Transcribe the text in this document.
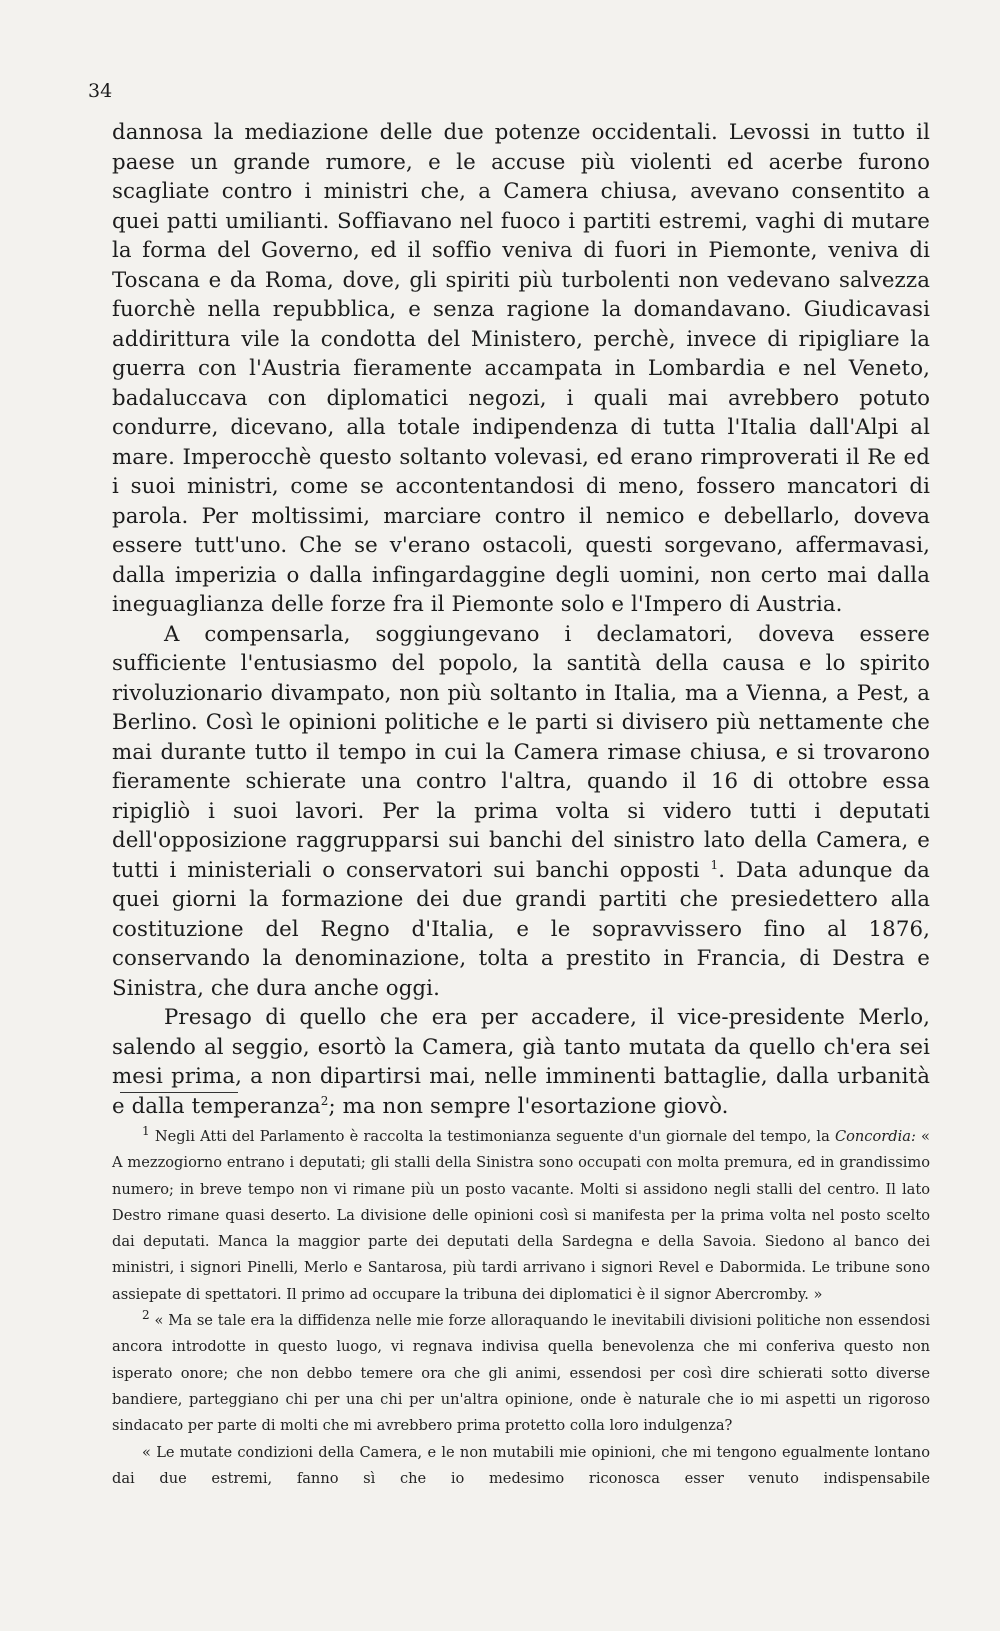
34

dannosa la mediazione delle due potenze occidentali. Levossi in tutto il paese un grande rumore, e le accuse più violenti ed acerbe furono scagliate contro i ministri che, a Camera chiusa, avevano consentito a quei patti umilianti. Soffiavano nel fuoco i partiti estremi, vaghi di mutare la forma del Governo, ed il soffio veniva di fuori in Piemonte, veniva di Toscana e da Roma, dove, gli spiriti più turbolenti non vedevano salvezza fuorchè nella repubblica, e senza ragione la domandavano. Giudicavasi addirittura vile la condotta del Ministero, perchè, invece di ripigliare la guerra con l'Austria fieramente accampata in Lombardia e nel Veneto, badaluccava con diplomatici negozi, i quali mai avrebbero potuto condurre, dicevano, alla totale indipendenza di tutta l'Italia dall'Alpi al mare. Imperocchè questo soltanto volevasi, ed erano rimproverati il Re ed i suoi ministri, come se accontentandosi di meno, fossero mancatori di parola. Per moltissimi, marciare contro il nemico e debellarlo, doveva essere tutt'uno. Che se v'erano ostacoli, questi sorgevano, affermavasi, dalla imperizia o dalla infingardaggine degli uomini, non certo mai dalla ineguaglianza delle forze fra il Piemonte solo e l'Impero di Austria.

A compensarla, soggiungevano i declamatori, doveva essere sufficiente l'entusiasmo del popolo, la santità della causa e lo spirito rivoluzionario divampato, non più soltanto in Italia, ma a Vienna, a Pest, a Berlino. Così le opinioni politiche e le parti si divisero più nettamente che mai durante tutto il tempo in cui la Camera rimase chiusa, e si trovarono fieramente schierate una contro l'altra, quando il 16 di ottobre essa ripigliò i suoi lavori. Per la prima volta si videro tutti i deputati dell'opposizione raggrupparsi sui banchi del sinistro lato della Camera, e tutti i ministeriali o conservatori sui banchi opposti $^1$. Data adunque da quei giorni la formazione dei due grandi partiti che presiedettero alla costituzione del Regno d'Italia, e le sopravvissero fino al 1876, conservando la denominazione, tolta a prestito in Francia, di Destra e Sinistra, che dura anche oggi.

Presago di quello che era per accadere, il vice-presidente Merlo, salendo al seggio, esortò la Camera, già tanto mutata da quello ch'era sei mesi prima, a non dipartirsi mai, nelle imminenti battaglie, dalla urbanità e dalla temperanza$^2$; ma non sempre l'esortazione giovò.

$^1$ Negli Atti del Parlamento è raccolta la testimonianza seguente d'un giornale del tempo, la Concordia: « A mezzogiorno entrano i deputati; gli stalli della Sinistra sono occupati con molta premura, ed in grandissimo numero; in breve tempo non vi rimane più un posto vacante. Molti si assidono negli stalli del centro. Il lato Destro rimane quasi deserto. La divisione delle opinioni così si manifesta per la prima volta nel posto scelto dai deputati. Manca la maggior parte dei deputati della Sardegna e della Savoia. Siedono al banco dei ministri, i signori Pinelli, Merlo e Santarosa, più tardi arrivano i signori Revel e Dabormida. Le tribune sono assiepate di spettatori. Il primo ad occupare la tribuna dei diplomatici è il signor Abercromby. »

$^2$ « Ma se tale era la diffidenza nelle mie forze alloraquando le inevitabili divisioni politiche non essendosi ancora introdotte in questo luogo, vi regnava indivisa quella benevolenza che mi conferiva questo non isperato onore; che non debbo temere ora che gli animi, essendosi per così dire schierati sotto diverse bandiere, parteggiano chi per una chi per un'altra opinione, onde è naturale che io mi aspetti un rigoroso sindacato per parte di molti che mi avrebbero prima protetto colla loro indulgenza?

« Le mutate condizioni della Camera, e le non mutabili mie opinioni, che mi tengono egualmente lontano dai due estremi, fanno sì che io medesimo riconosca esser venuto indispensabile
